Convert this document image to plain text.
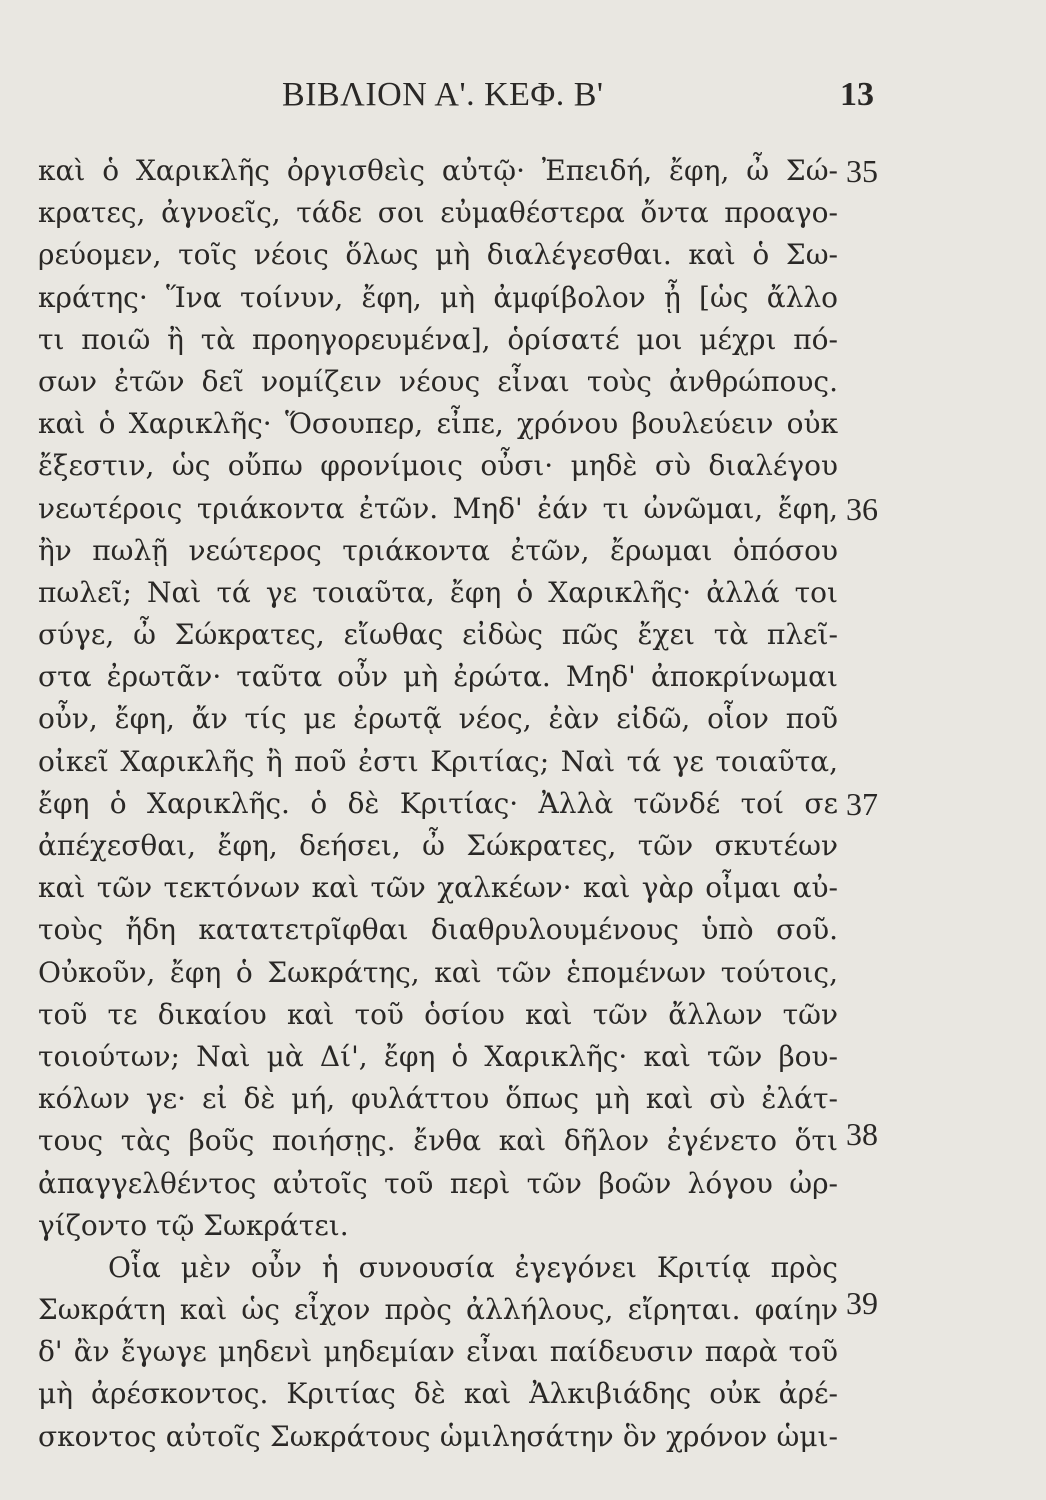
ΒΙΒΛΙΟΝ Α'. ΚΕΦ. Β'	13
καὶ ὁ Χαρικλῆς ὀργισθεὶς αὐτῷ· Ἐπειδή, ἔφη, ὦ Σώ-
κρατες, ἀγνοεῖς, τάδε σοι εὐμαθέστερα ὄντα προαγο-
ρεύομεν, τοῖς νέοις ὅλως μὴ διαλέγεσθαι. καὶ ὁ Σω-
κράτης· Ἵνα τοίνυν, ἔφη, μὴ ἀμφίβολον ᾖ [ὡς ἄλλο
τι ποιῶ ἢ τὰ προηγορευμένα], ὁρίσατέ μοι μέχρι πό-
σων ἐτῶν δεῖ νομίζειν νέους εἶναι τοὺς ἀνθρώπους.
καὶ ὁ Χαρικλῆς· Ὅσουπερ, εἶπε, χρόνου βουλεύειν οὐκ
ἔξεστιν, ὡς οὔπω φρονίμοις οὖσι· μηδὲ σὺ διαλέγου
νεωτέροις τριάκοντα ἐτῶν. Μηδ' ἐάν τι ὠνῶμαι, ἔφη,
ἢν πωλῇ νεώτερος τριάκοντα ἐτῶν, ἔρωμαι ὁπόσου
πωλεῖ; Ναὶ τά γε τοιαῦτα, ἔφη ὁ Χαρικλῆς· ἀλλά τοι
σύγε, ὦ Σώκρατες, εἴωθας εἰδὼς πῶς ἔχει τὰ πλεῖ-
στα ἐρωτᾶν· ταῦτα οὖν μὴ ἐρώτα. Μηδ' ἀποκρίνωμαι
οὖν, ἔφη, ἄν τίς με ἐρωτᾷ νέος, ἐὰν εἰδῶ, οἷον ποῦ
οἰκεῖ Χαρικλῆς ἢ ποῦ ἐστι Κριτίας; Ναὶ τά γε τοιαῦτα,
ἔφη ὁ Χαρικλῆς. ὁ δὲ Κριτίας· Ἀλλὰ τῶνδέ τοί σε
ἀπέχεσθαι, ἔφη, δεήσει, ὦ Σώκρατες, τῶν σκυτέων
καὶ τῶν τεκτόνων καὶ τῶν χαλκέων· καὶ γὰρ οἶμαι αὐ-
τοὺς ἤδη κατατετρῖφθαι διαθρυλουμένους ὑπὸ σοῦ.
Οὐκοῦν, ἔφη ὁ Σωκράτης, καὶ τῶν ἑπομένων τούτοις,
τοῦ τε δικαίου καὶ τοῦ ὁσίου καὶ τῶν ἄλλων τῶν
τοιούτων; Ναὶ μὰ Δί', ἔφη ὁ Χαρικλῆς· καὶ τῶν βου-
κόλων γε· εἰ δὲ μή, φυλάττου ὅπως μὴ καὶ σὺ ἐλάτ-
τους τὰς βοῦς ποιήσῃς. ἔνθα καὶ δῆλον ἐγένετο ὅτι
ἀπαγγελθέντος αὐτοῖς τοῦ περὶ τῶν βοῶν λόγου ὠρ-
γίζοντο τῷ Σωκράτει.
Οἷα μὲν οὖν ἡ συνουσία ἐγεγόνει Κριτίᾳ πρὸς
Σωκράτη καὶ ὡς εἶχον πρὸς ἀλλήλους, εἴρηται. φαίην
δ' ἂν ἔγωγε μηδενὶ μηδεμίαν εἶναι παίδευσιν παρὰ τοῦ
μὴ ἀρέσκοντος. Κριτίας δὲ καὶ Ἀλκιβιάδης οὐκ ἀρέ-
σκοντος αὐτοῖς Σωκράτους ὡμιλησάτην ὃν χρόνον ὡμι-
35
36
37
38
39
